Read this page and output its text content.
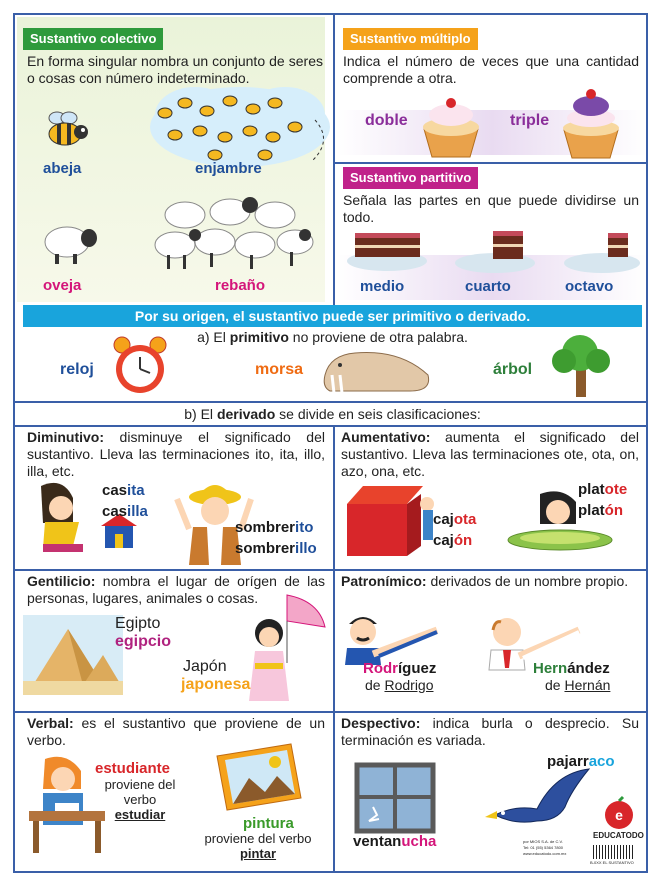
Sustantivo colectivo
En forma singular nombra un conjunto de seres o cosas con número indeterminado.
abeja	enjambre
oveja	rebaño
Sustantivo múltiplo
Indica el número de veces que una cantidad comprende a otra.
doble	triple
Sustantivo partitivo
Señala las partes en que puede dividirse un todo.
medio	cuarto	octavo
Por su origen, el sustantivo puede ser primitivo o derivado.
a) El primitivo no proviene de otra palabra.
reloj	morsa	árbol
b) El derivado se divide en seis clasificaciones:
Diminutivo: disminuye el significado del sustantivo. Lleva las terminaciones ito, ita, illo, illa, etc.
casita
casilla
sombrerito
sombrerillo
Aumentativo: aumenta el significado del sustantivo. Lleva las terminaciones ote, ota, on, azo, ona, etc.
cajota
cajón
platote
platón
Gentilicio: nombra el lugar de orígen de las personas, lugares, animales o cosas.
Egipto
egipcio
Japón
japonesa
Patronímico: derivados de un nombre propio.
Rodríguez
de Rodrigo
Hernández
de Hernán
Verbal: es el sustantivo que proviene de un verbo.
estudiante
proviene del
verbo
estudiar
pintura
proviene del verbo
pintar
Despectivo: indica burla o desprecio. Su terminación es variada.
ventanucha
pajarraco
e
EDUCATODO
por MIOS S.A. de C.V.
Tel: 01 (55) 5364 7800
www.educatodo.com.mx
B-0XX EL SUSTANTIVO
